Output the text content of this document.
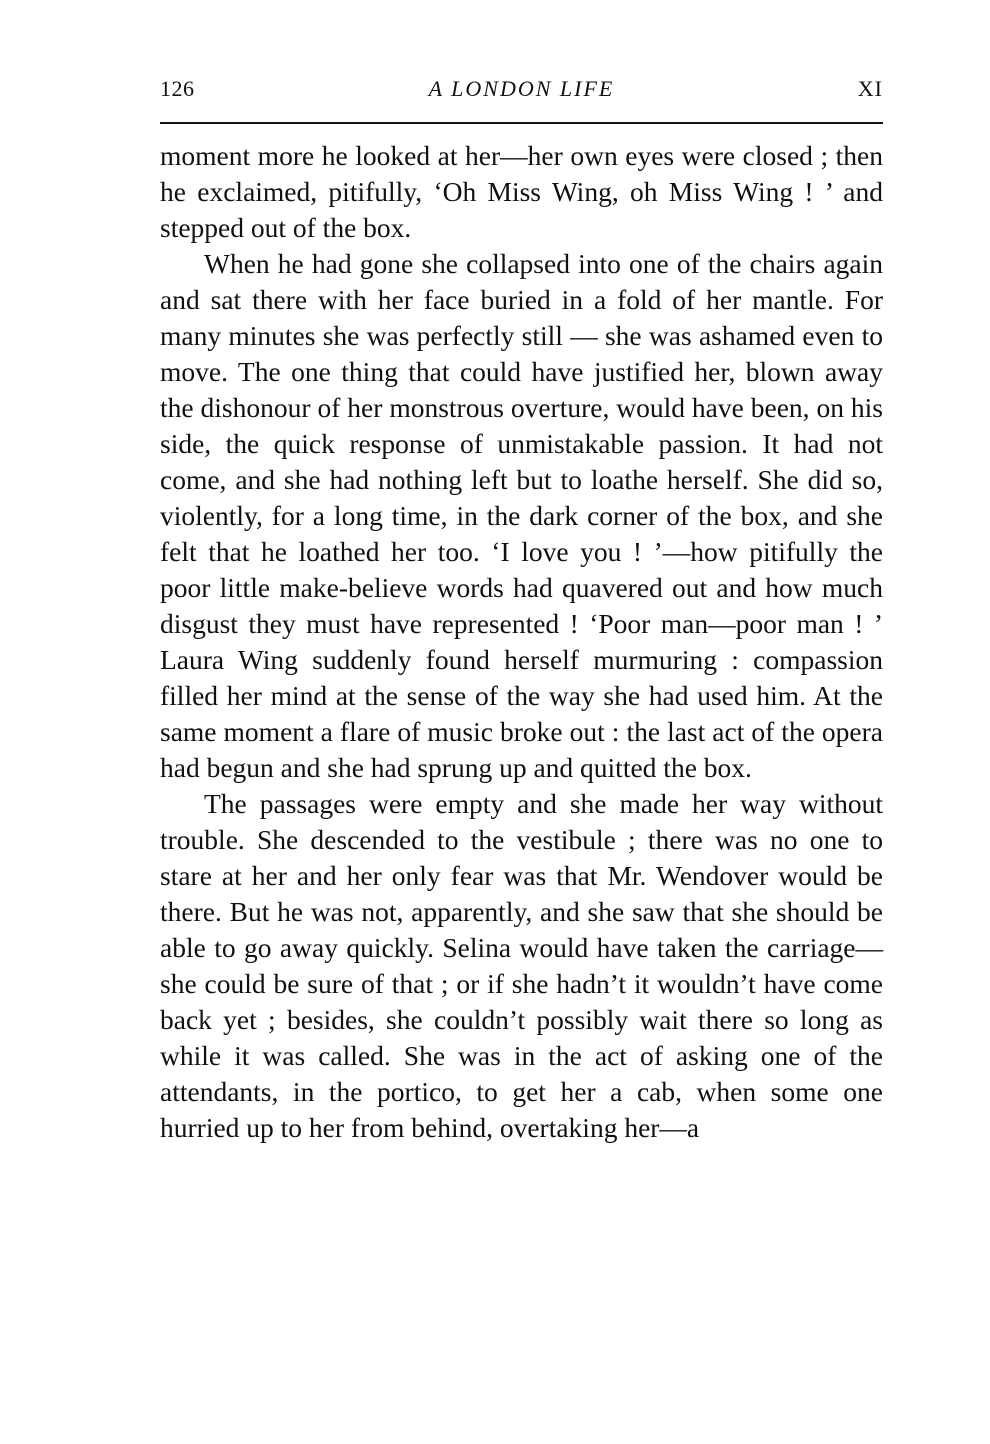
126	A LONDON LIFE	XI

moment more he looked at her—her own eyes were closed ; then he exclaimed, pitifully, ‘Oh Miss Wing, oh Miss Wing ! ’ and stepped out of the box.

When he had gone she collapsed into one of the chairs again and sat there with her face buried in a fold of her mantle. For many minutes she was perfectly still — she was ashamed even to move. The one thing that could have justified her, blown away the dishonour of her monstrous overture, would have been, on his side, the quick response of unmistakable passion. It had not come, and she had nothing left but to loathe herself. She did so, violently, for a long time, in the dark corner of the box, and she felt that he loathed her too. ‘I love you ! ’—how pitifully the poor little make-believe words had quavered out and how much disgust they must have represented ! ‘Poor man—poor man ! ’ Laura Wing suddenly found herself murmuring : compassion filled her mind at the sense of the way she had used him. At the same moment a flare of music broke out : the last act of the opera had begun and she had sprung up and quitted the box.

The passages were empty and she made her way without trouble. She descended to the vestibule ; there was no one to stare at her and her only fear was that Mr. Wendover would be there. But he was not, apparently, and she saw that she should be able to go away quickly. Selina would have taken the carriage—she could be sure of that ; or if she hadn’t it wouldn’t have come back yet ; besides, she couldn’t possibly wait there so long as while it was called. She was in the act of asking one of the attendants, in the portico, to get her a cab, when some one hurried up to her from behind, overtaking her—a
